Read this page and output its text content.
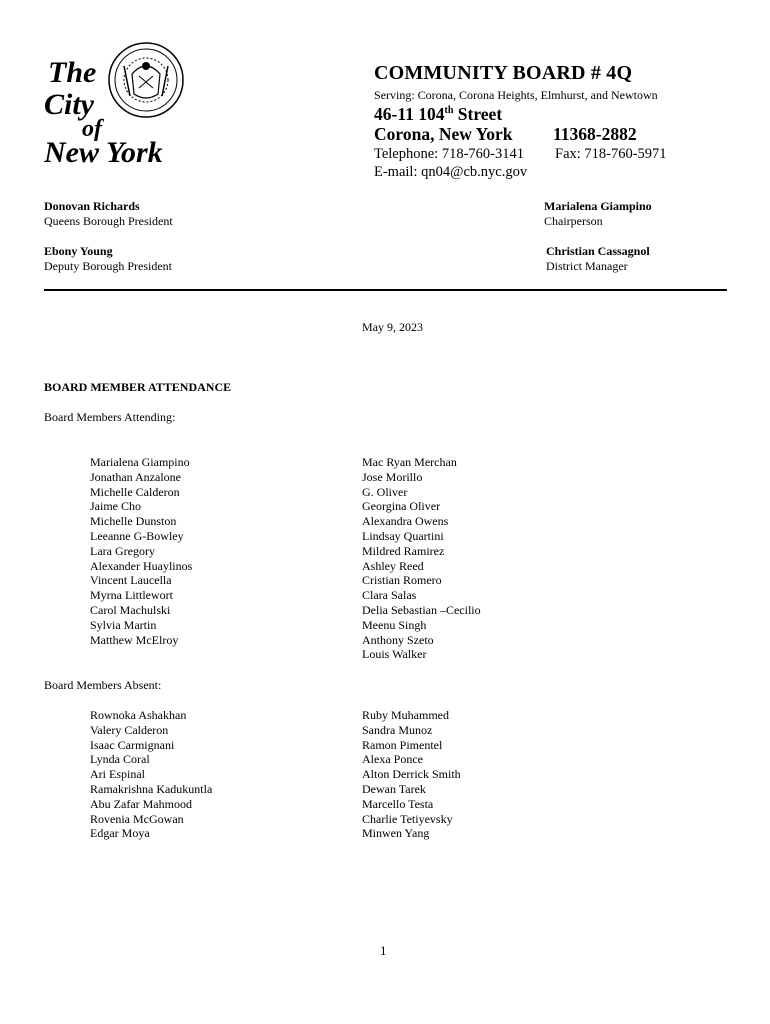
The
City
of
New York
COMMUNITY BOARD # 4Q
Serving: Corona, Corona Heights, Elmhurst, and Newtown
46-11 104th Street
Corona, New York 11368-2882
Telephone: 718-760-3141 Fax: 718-760-5971
E-mail: qn04@cb.nyc.gov
Donovan Richards
Queens Borough President
Ebony Young
Deputy Borough President
Marialena Giampino
Chairperson
Christian Cassagnol
District Manager
May 9, 2023
BOARD MEMBER ATTENDANCE
Board Members Attending:
Marialena Giampino
Jonathan Anzalone
Michelle Calderon
Jaime Cho
Michelle Dunston
Leeanne G-Bowley
Lara Gregory
Alexander Huaylinos
Vincent Laucella
Myrna Littlewort
Carol Machulski
Sylvia Martin
Matthew McElroy
Mac Ryan Merchan
Jose Morillo
G. Oliver
Georgina Oliver
Alexandra Owens
Lindsay Quartini
Mildred Ramirez
Ashley Reed
Cristian Romero
Clara Salas
Delia Sebastian –Cecilio
Meenu Singh
Anthony Szeto
Louis Walker
Board Members Absent:
Rownoka Ashakhan
Valery Calderon
Isaac Carmignani
Lynda Coral
Ari Espinal
Ramakrishna Kadukuntla
Abu Zafar Mahmood
Rovenia McGowan
Edgar Moya
Ruby Muhammed
Sandra Munoz
Ramon Pimentel
Alexa Ponce
Alton Derrick Smith
Dewan Tarek
Marcello Testa
Charlie Tetiyevsky
Minwen Yang
1
